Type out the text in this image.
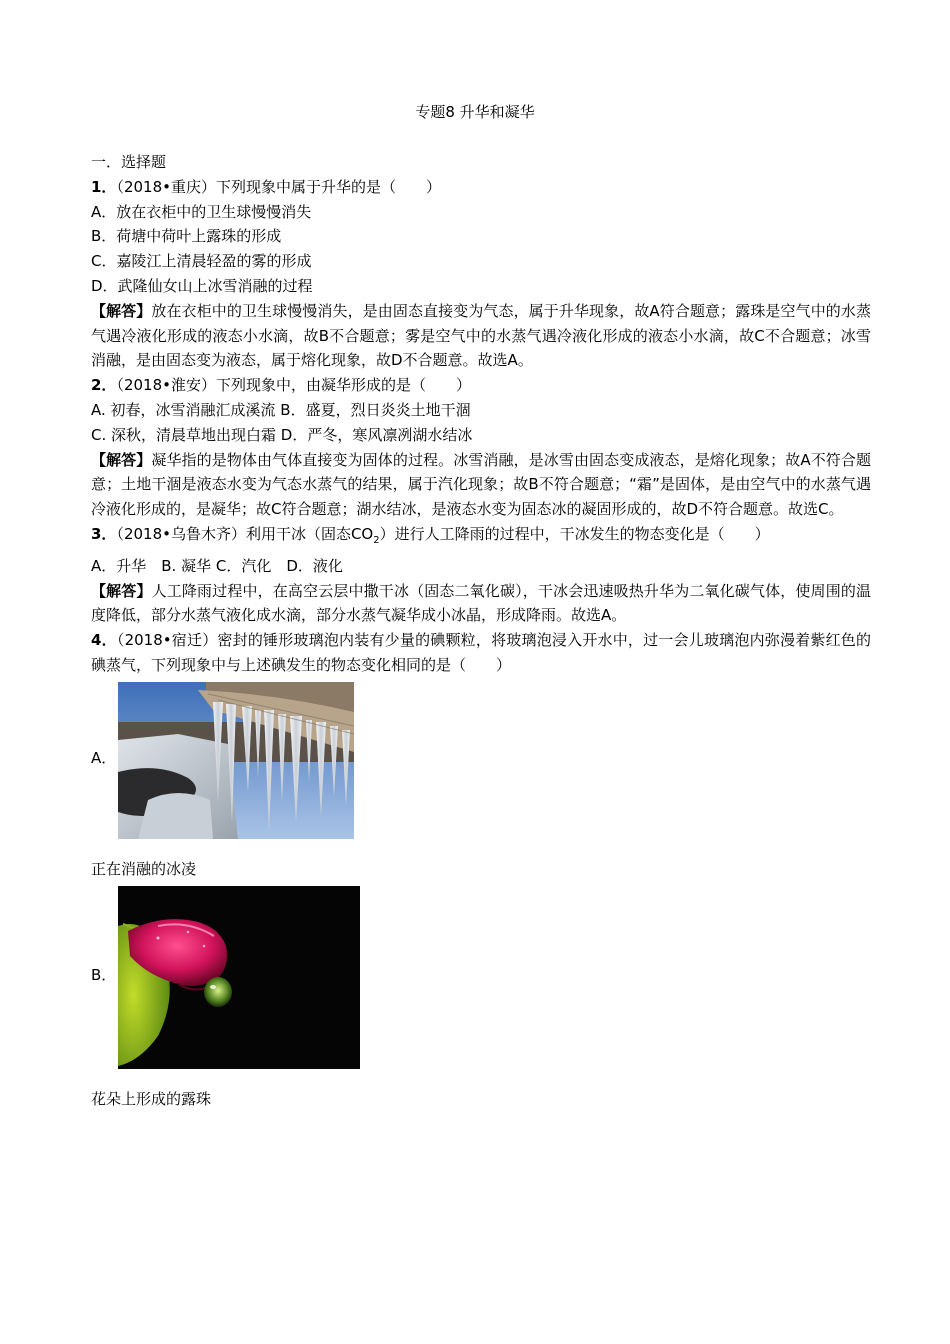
专题8 升华和凝华
一．选择题
1．（2018•重庆）下列现象中属于升华的是（　　）
A．放在衣柜中的卫生球慢慢消失
B．荷塘中荷叶上露珠的形成
C．嘉陵江上清晨轻盈的雾的形成
D．武隆仙女山上冰雪消融的过程
【解答】放在衣柜中的卫生球慢慢消失，是由固态直接变为气态，属于升华现象，故A符合题意；露珠是空气中的水蒸气遇冷液化形成的液态小水滴，故B不合题意；雾是空气中的水蒸气遇冷液化形成的液态小水滴，故C不合题意；冰雪消融，是由固态变为液态，属于熔化现象，故D不合题意。故选A。
2．（2018•淮安）下列现象中，由凝华形成的是（　　）
A. 初春，冰雪消融汇成溪流 B．盛夏，烈日炎炎土地干涸
C. 深秋，清晨草地出现白霜 D．严冬，寒风凛冽湖水结冰
【解答】凝华指的是物体由气体直接变为固体的过程。冰雪消融，是冰雪由固态变成液态，是熔化现象；故A不符合题意；土地干涸是液态水变为气态水蒸气的结果，属于汽化现象；故B不符合题意；“霜”是固体，是由空气中的水蒸气遇冷液化形成的，是凝华；故C符合题意；湖水结冰，是液态水变为固态冰的凝固形成的，故D不符合题意。故选C。
3．（2018•乌鲁木齐）利用干冰（固态$CO_2$）进行人工降雨的过程中，干冰发生的物态变化是（　　）
A．升华　B. 凝华 C．汽化　D．液化
【解答】人工降雨过程中，在高空云层中撒干冰（固态二氧化碳），干冰会迅速吸热升华为二氧化碳气体，使周围的温度降低，部分水蒸气液化成水滴，部分水蒸气凝华成小冰晶，形成降雨。故选A。
4．（2018•宿迁）密封的锤形玻璃泡内装有少量的碘颗粒，将玻璃泡浸入开水中，过一会儿玻璃泡内弥漫着紫红色的碘蒸气，下列现象中与上述碘发生的物态变化相同的是（　　）
A．
正在消融的冰凌
B．
花朵上形成的露珠
